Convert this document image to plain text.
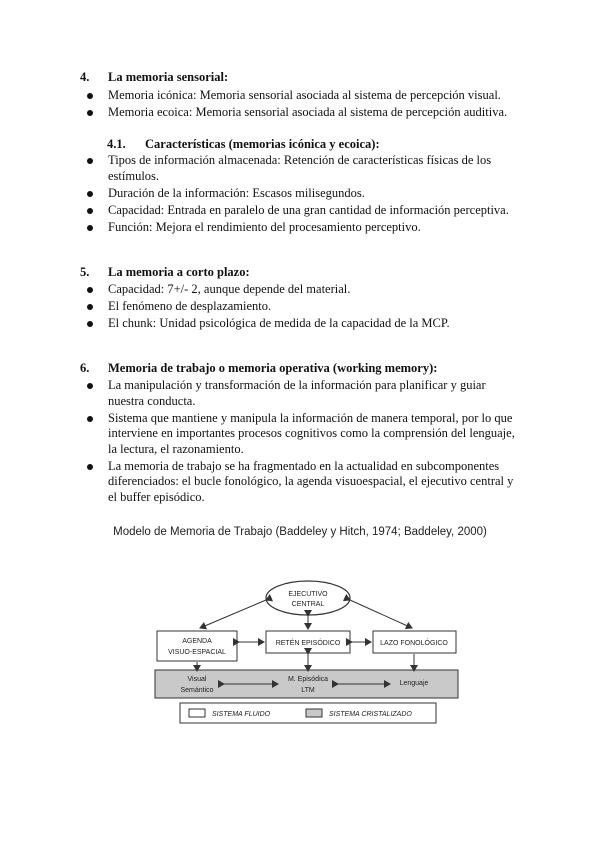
4. La memoria sensorial:
Memoria icónica: Memoria sensorial asociada al sistema de percepción visual.
Memoria ecoica: Memoria sensorial asociada al sistema de percepción auditiva.
4.1. Características (memorias icónica y ecoica):
Tipos de información almacenada: Retención de características físicas de los estímulos.
Duración de la información: Escasos milisegundos.
Capacidad: Entrada en paralelo de una gran cantidad de información perceptiva.
Función: Mejora el rendimiento del procesamiento perceptivo.
5. La memoria a corto plazo:
Capacidad: 7+/- 2, aunque depende del material.
El fenómeno de desplazamiento.
El chunk: Unidad psicológica de medida de la capacidad de la MCP.
6. Memoria de trabajo o memoria operativa (working memory):
La manipulación y transformación de la información para planificar y guiar nuestra conducta.
Sistema que mantiene y manipula la información de manera temporal, por lo que interviene en importantes procesos cognitivos como la comprensión del lenguaje, la lectura, el razonamiento.
La memoria de trabajo se ha fragmentado en la actualidad en subcomponentes diferenciados: el bucle fonológico, la agenda visuoespacial, el ejecutivo central y el buffer episódico.
Modelo de Memoria de Trabajo (Baddeley y Hitch, 1974; Baddeley, 2000)
EJECUTIVO
CENTRAL
AGENDA
VISUO-ESPACIAL
RETÉN EPISÓDICO	LAZO FONOLÓGICO
Visual
Semántico
M. Episódica
LTM
Lenguaje
SISTEMA FLUIDO	SISTEMA CRISTALIZADO
